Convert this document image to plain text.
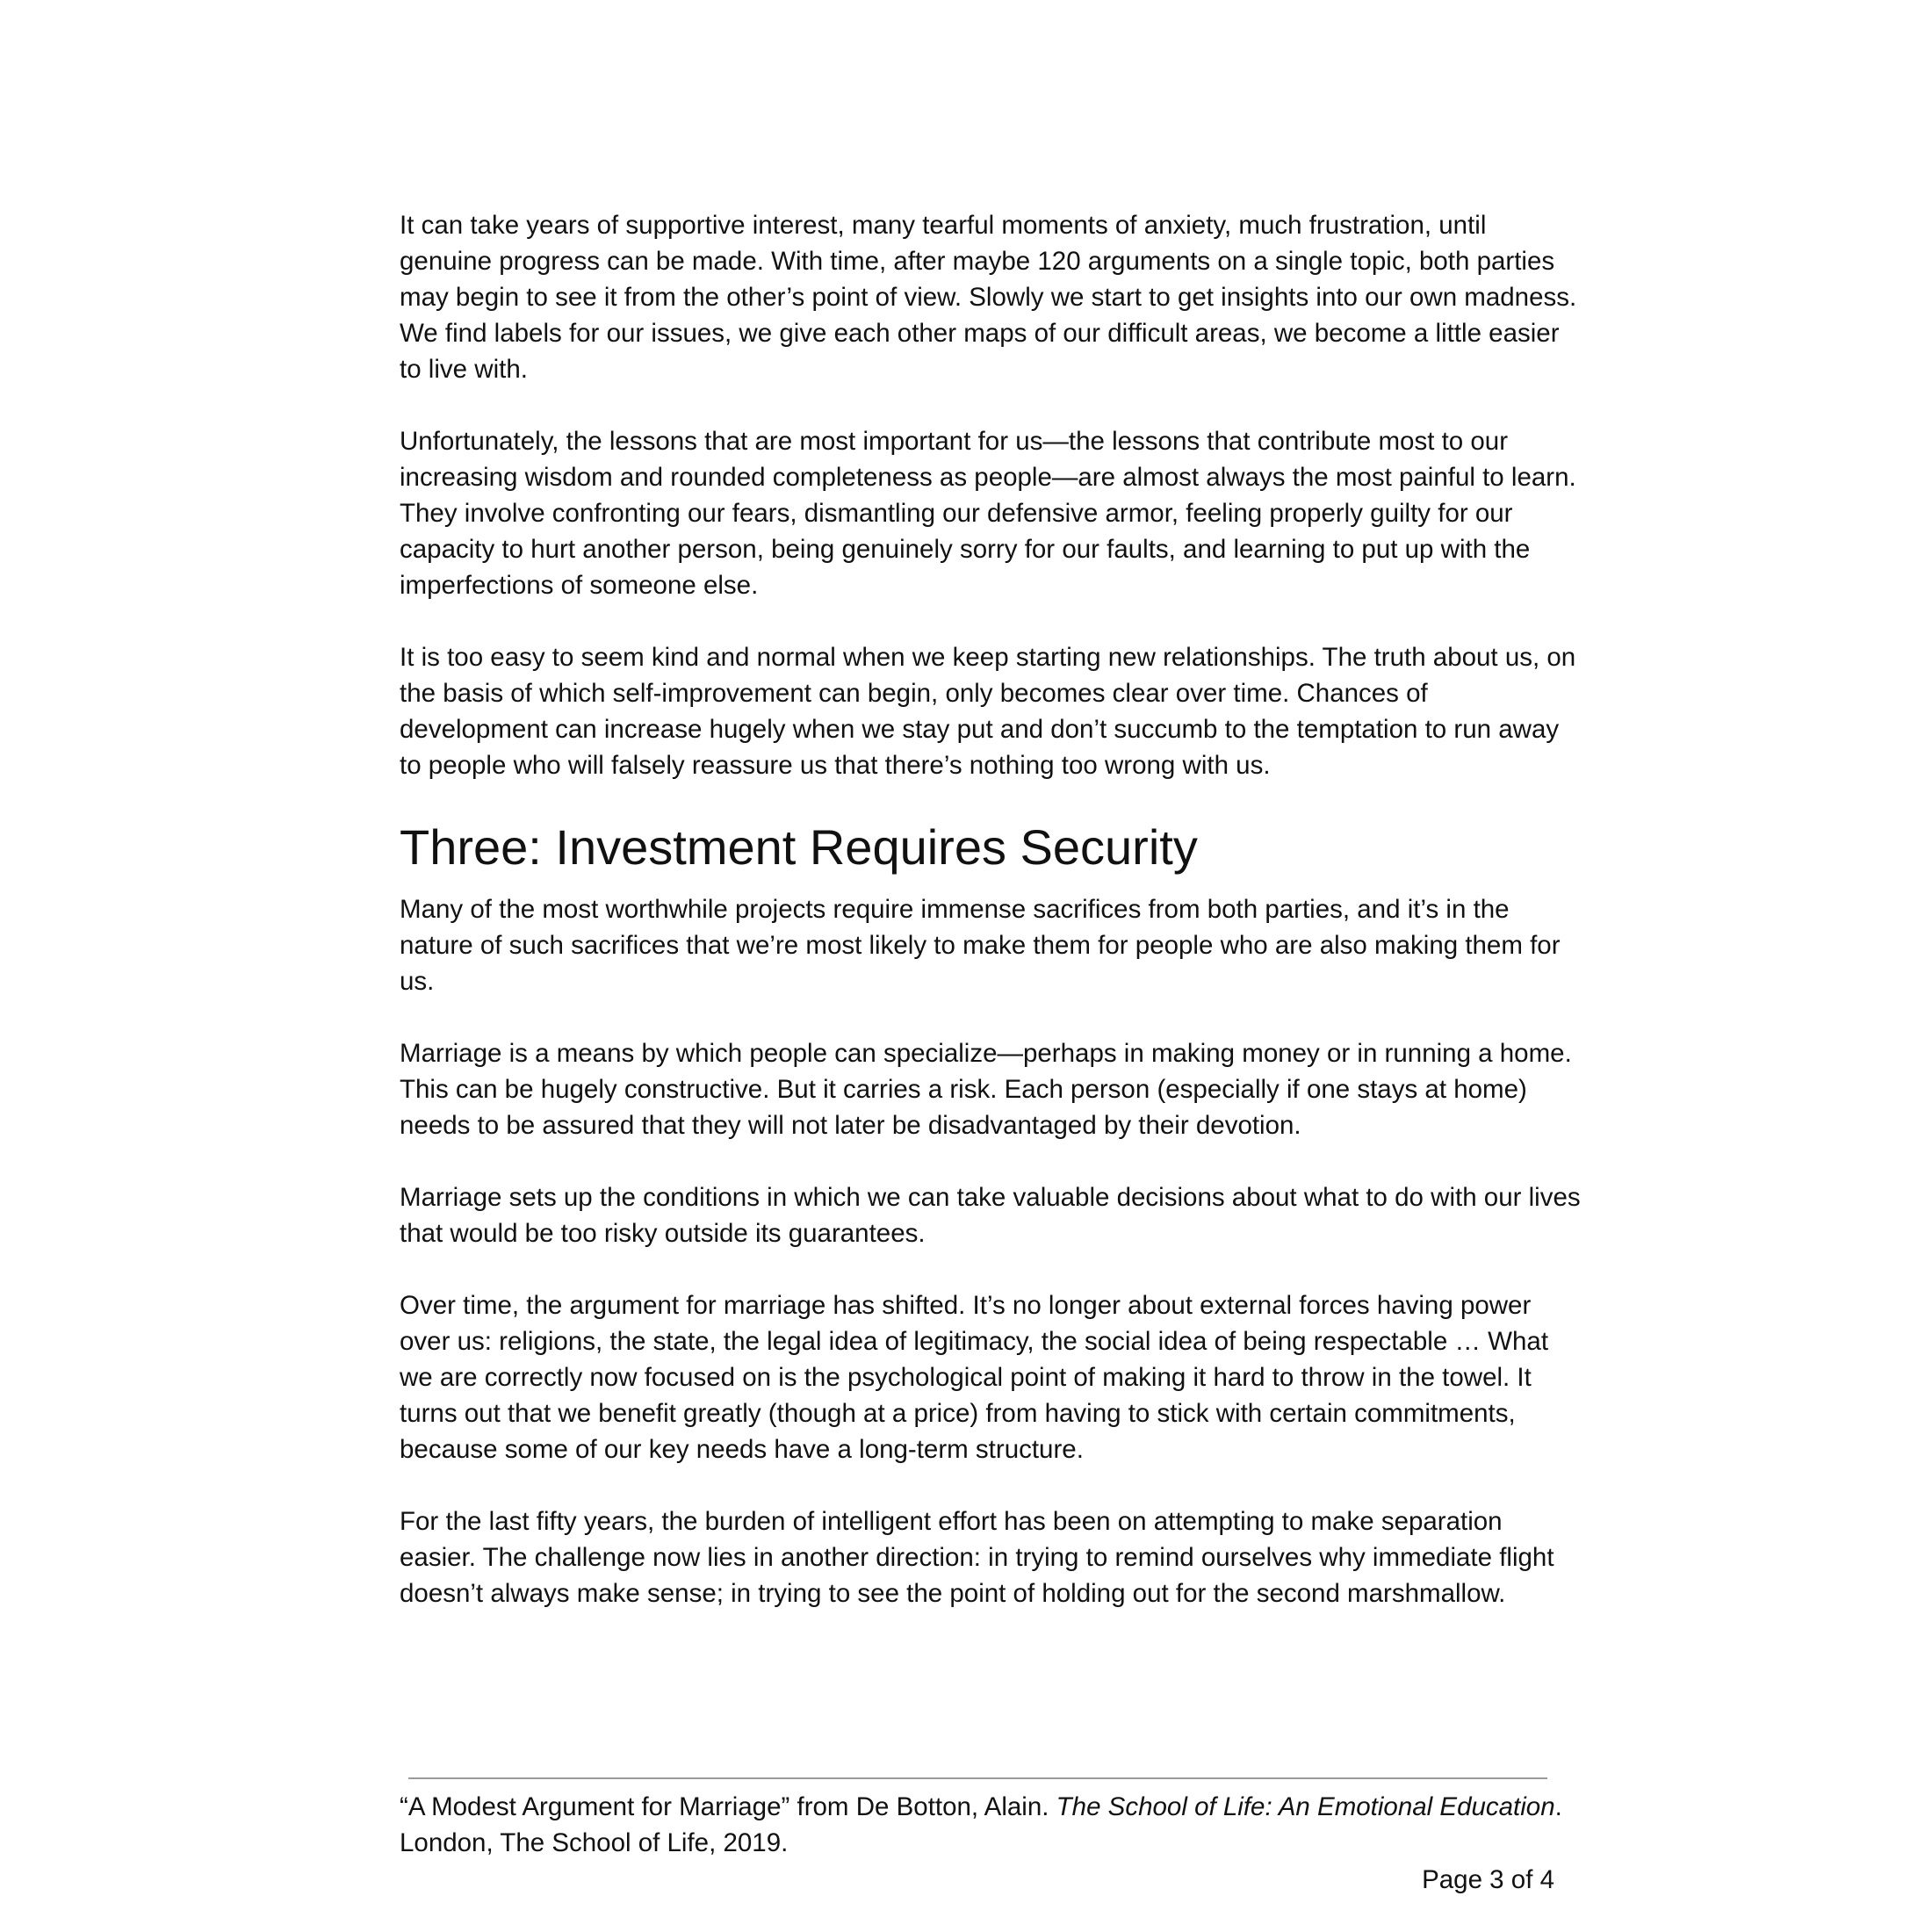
It can take years of supportive interest, many tearful moments of anxiety, much frustration, until genuine progress can be made. With time, after maybe 120 arguments on a single topic, both parties may begin to see it from the other’s point of view. Slowly we start to get insights into our own madness. We find labels for our issues, we give each other maps of our difficult areas, we become a little easier to live with.

Unfortunately, the lessons that are most important for us—the lessons that contribute most to our increasing wisdom and rounded completeness as people—are almost always the most painful to learn. They involve confronting our fears, dismantling our defensive armor, feeling properly guilty for our capacity to hurt another person, being genuinely sorry for our faults, and learning to put up with the imperfections of someone else.

It is too easy to seem kind and normal when we keep starting new relationships. The truth about us, on the basis of which self-improvement can begin, only becomes clear over time. Chances of development can increase hugely when we stay put and don’t succumb to the temptation to run away to people who will falsely reassure us that there’s nothing too wrong with us.

Three: Investment Requires Security

Many of the most worthwhile projects require immense sacrifices from both parties, and it’s in the nature of such sacrifices that we’re most likely to make them for people who are also making them for us.

Marriage is a means by which people can specialize—perhaps in making money or in running a home. This can be hugely constructive. But it carries a risk. Each person (especially if one stays at home) needs to be assured that they will not later be disadvantaged by their devotion.

Marriage sets up the conditions in which we can take valuable decisions about what to do with our lives that would be too risky outside its guarantees.

Over time, the argument for marriage has shifted. It’s no longer about external forces having power over us: religions, the state, the legal idea of legitimacy, the social idea of being respectable … What we are correctly now focused on is the psychological point of making it hard to throw in the towel. It turns out that we benefit greatly (though at a price) from having to stick with certain commitments, because some of our key needs have a long-term structure.

For the last fifty years, the burden of intelligent effort has been on attempting to make separation easier. The challenge now lies in another direction: in trying to remind ourselves why immediate flight doesn’t always make sense; in trying to see the point of holding out for the second marshmallow.

“A Modest Argument for Marriage” from De Botton, Alain. The School of Life: An Emotional Education. London, The School of Life, 2019.
Page 3 of 4
